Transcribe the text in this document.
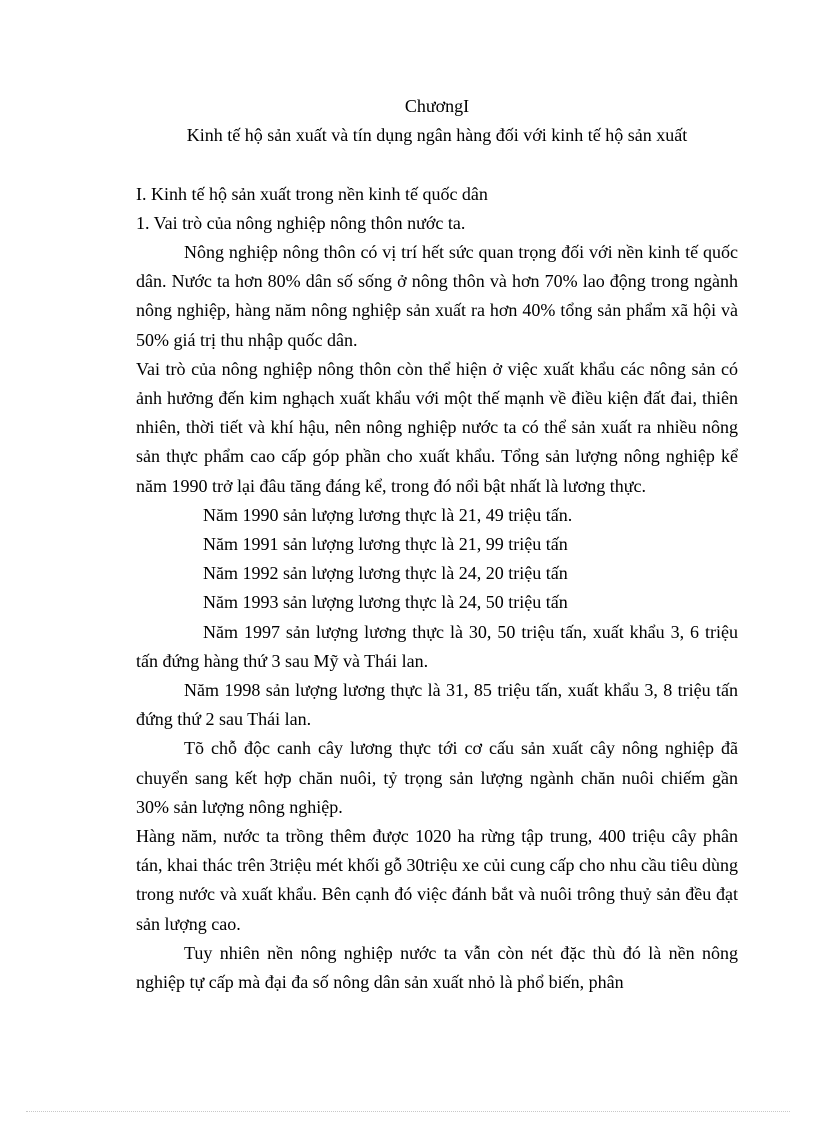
ChươngI
Kinh tế hộ sản xuất và tín dụng ngân hàng đối với kinh tế hộ sản xuất
I. Kinh tế hộ sản xuất trong nền kinh tế quốc dân
1. Vai trò của nông nghiệp nông thôn nước ta.

Nông nghiệp nông thôn có vị trí hết sức quan trọng đối với nền kinh tế quốc dân. Nước ta hơn 80% dân số sống ở nông thôn và hơn 70% lao động trong ngành nông nghiệp, hàng năm nông nghiệp sản xuất ra hơn 40% tổng sản phẩm xã hội và 50% giá trị thu nhập quốc dân.

Vai trò của nông nghiệp nông thôn còn thể hiện ở việc xuất khẩu các nông sản có ảnh hưởng đến kim nghạch xuất khẩu với một thế mạnh về điều kiện đất đai, thiên nhiên, thời tiết và khí hậu, nên nông nghiệp nước ta có thể sản xuất ra nhiều nông sản thực phẩm cao cấp góp phần cho xuất khẩu. Tổng sản lượng nông nghiệp kể năm 1990 trở lại đâu tăng đáng kể, trong đó nổi bật nhất là lương thực.

Năm 1990 sản lượng lương thực là 21, 49 triệu tấn.

Năm 1991 sản lượng lương thực là 21, 99 triệu tấn

Năm 1992 sản lượng lương thực là 24, 20 triệu tấn

Năm 1993 sản lượng lương thực là 24, 50 triệu tấn

Năm 1997 sản lượng lương thực là 30, 50 triệu tấn, xuất khẩu 3, 6 triệu tấn đứng hàng thứ 3 sau Mỹ và Thái lan.

Năm 1998 sản lượng lương thực là 31, 85 triệu tấn, xuất khẩu 3, 8 triệu tấn đứng thứ 2 sau Thái lan.

Tõ chỗ độc canh cây lương thực tới cơ cấu sản xuất cây nông nghiệp đã chuyển sang kết hợp chăn nuôi, tỷ trọng sản lượng ngành chăn nuôi chiếm gần 30% sản lượng nông nghiệp.

Hàng năm, nước ta trồng thêm được 1020 ha rừng tập trung, 400 triệu cây phân tán, khai thác trên 3triệu mét khối gỗ 30triệu xe củi cung cấp cho nhu cầu tiêu dùng trong nước và xuất khẩu. Bên cạnh đó việc đánh bắt và nuôi trông thuỷ sản đều đạt sản lượng cao.

Tuy nhiên nền nông nghiệp nước ta vẫn còn nét đặc thù đó là nền nông nghiệp tự cấp mà đại đa số nông dân sản xuất nhỏ là phổ biến, phân
